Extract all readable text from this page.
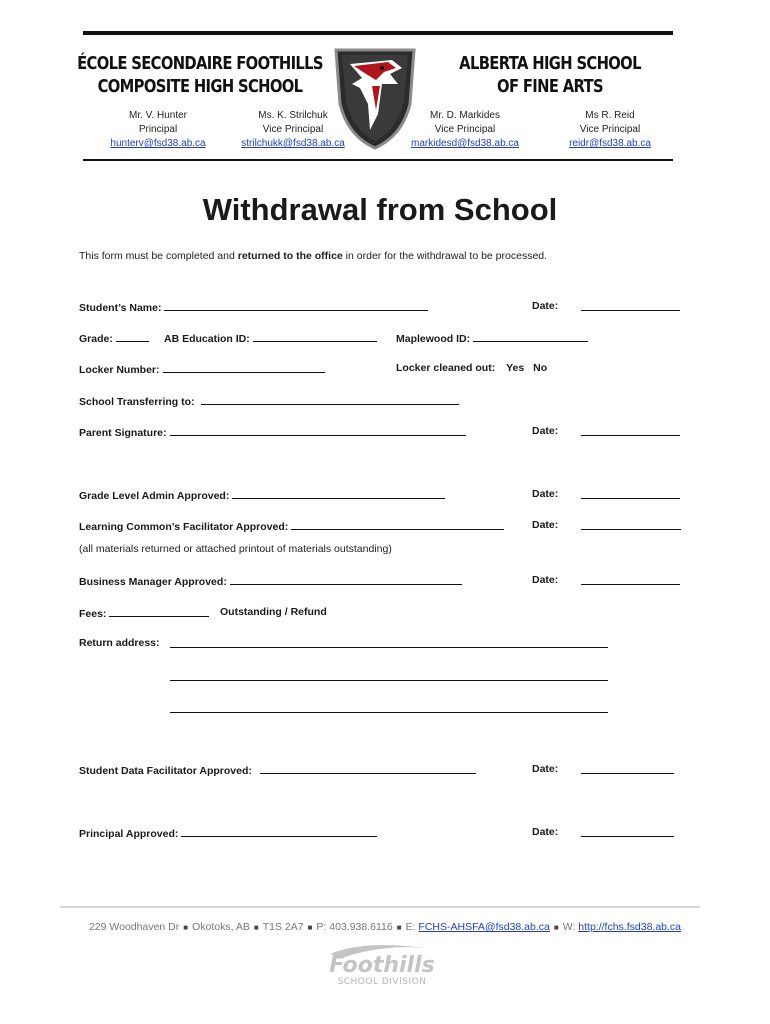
ÉCOLE SECONDAIRE FOOTHILLS
COMPOSITE HIGH SCHOOL
ALBERTA HIGH SCHOOL
OF FINE ARTS
Mr. V. Hunter
Principal
hunterv@fsd38.ab.ca
Ms. K. Strilchuk
Vice Principal
strilchukk@fsd38.ab.ca
Mr. D. Markides
Vice Principal
markidesd@fsd38.ab.ca
Ms R. Reid
Vice Principal
reidr@fsd38.ab.ca
Withdrawal from School
This form must be completed and returned to the office in order for the withdrawal to be processed.
Student’s Name:	Date:
Grade:	AB Education ID:	Maplewood ID:
Locker Number:	Locker cleaned out: Yes No
School Transferring to:
Parent Signature:	Date:
Grade Level Admin Approved:	Date:
Learning Common’s Facilitator Approved:	Date:
(all materials returned or attached printout of materials outstanding)
Business Manager Approved:	Date:
Fees:	Outstanding / Refund
Return address:
Student Data Facilitator Approved:	Date:
Principal Approved:	Date:
229 Woodhaven Dr ■ Okotoks, AB ■ T1S 2A7 ■ P: 403.938.6116 ■ E: FCHS-AHSFA@fsd38.ab.ca ■ W: http://fchs.fsd38.ab.ca
Foothills
SCHOOL DIVISION
